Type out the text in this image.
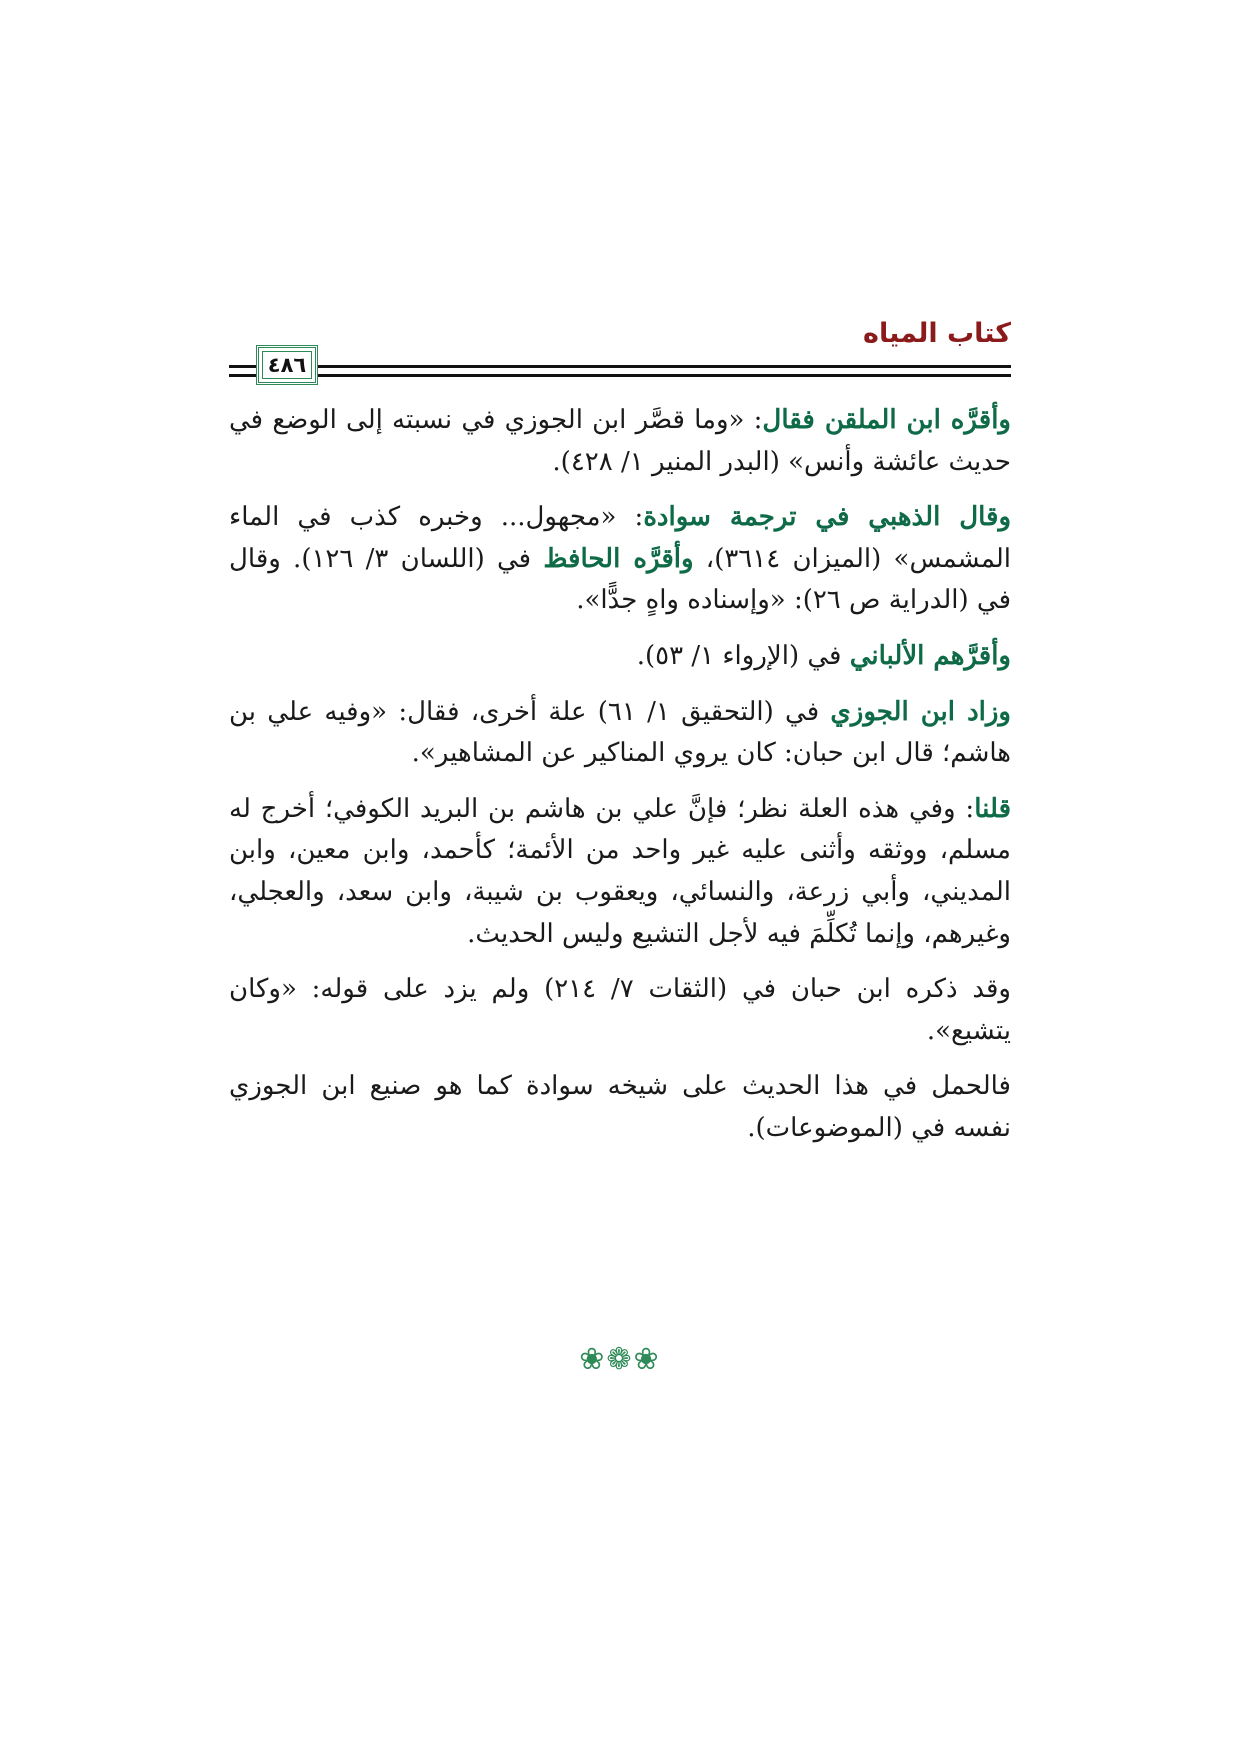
كتاب المياه
٤٨٦

وأقرَّه ابن الملقن فقال: «وما قصَّر ابن الجوزي في نسبته إلى الوضع في حديث عائشة وأنس» (البدر المنير ١/ ٤٢٨).

وقال الذهبي في ترجمة سوادة: «مجهول... وخبره كذب في الماء المشمس» (الميزان ٣٦١٤)، وأقرَّه الحافظ في (اللسان ٣/ ١٢٦). وقال في (الدراية ص ٢٦): «وإسناده واهٍ جدًّا».

وأقرَّهم الألباني في (الإرواء ١/ ٥٣).

وزاد ابن الجوزي في (التحقيق ١/ ٦١) علة أخرى، فقال: «وفيه علي بن هاشم؛ قال ابن حبان: كان يروي المناكير عن المشاهير».

قلنا: وفي هذه العلة نظر؛ فإنَّ علي بن هاشم بن البريد الكوفي؛ أخرج له مسلم، ووثقه وأثنى عليه غير واحد من الأئمة؛ كأحمد، وابن معين، وابن المديني، وأبي زرعة، والنسائي، ويعقوب بن شيبة، وابن سعد، والعجلي، وغيرهم، وإنما تُكلِّمَ فيه لأجل التشيع وليس الحديث.

وقد ذكره ابن حبان في (الثقات ٧/ ٢١٤) ولم يزد على قوله: «وكان يتشيع».

فالحمل في هذا الحديث على شيخه سوادة كما هو صنيع ابن الجوزي نفسه في (الموضوعات).

❀❁❀
